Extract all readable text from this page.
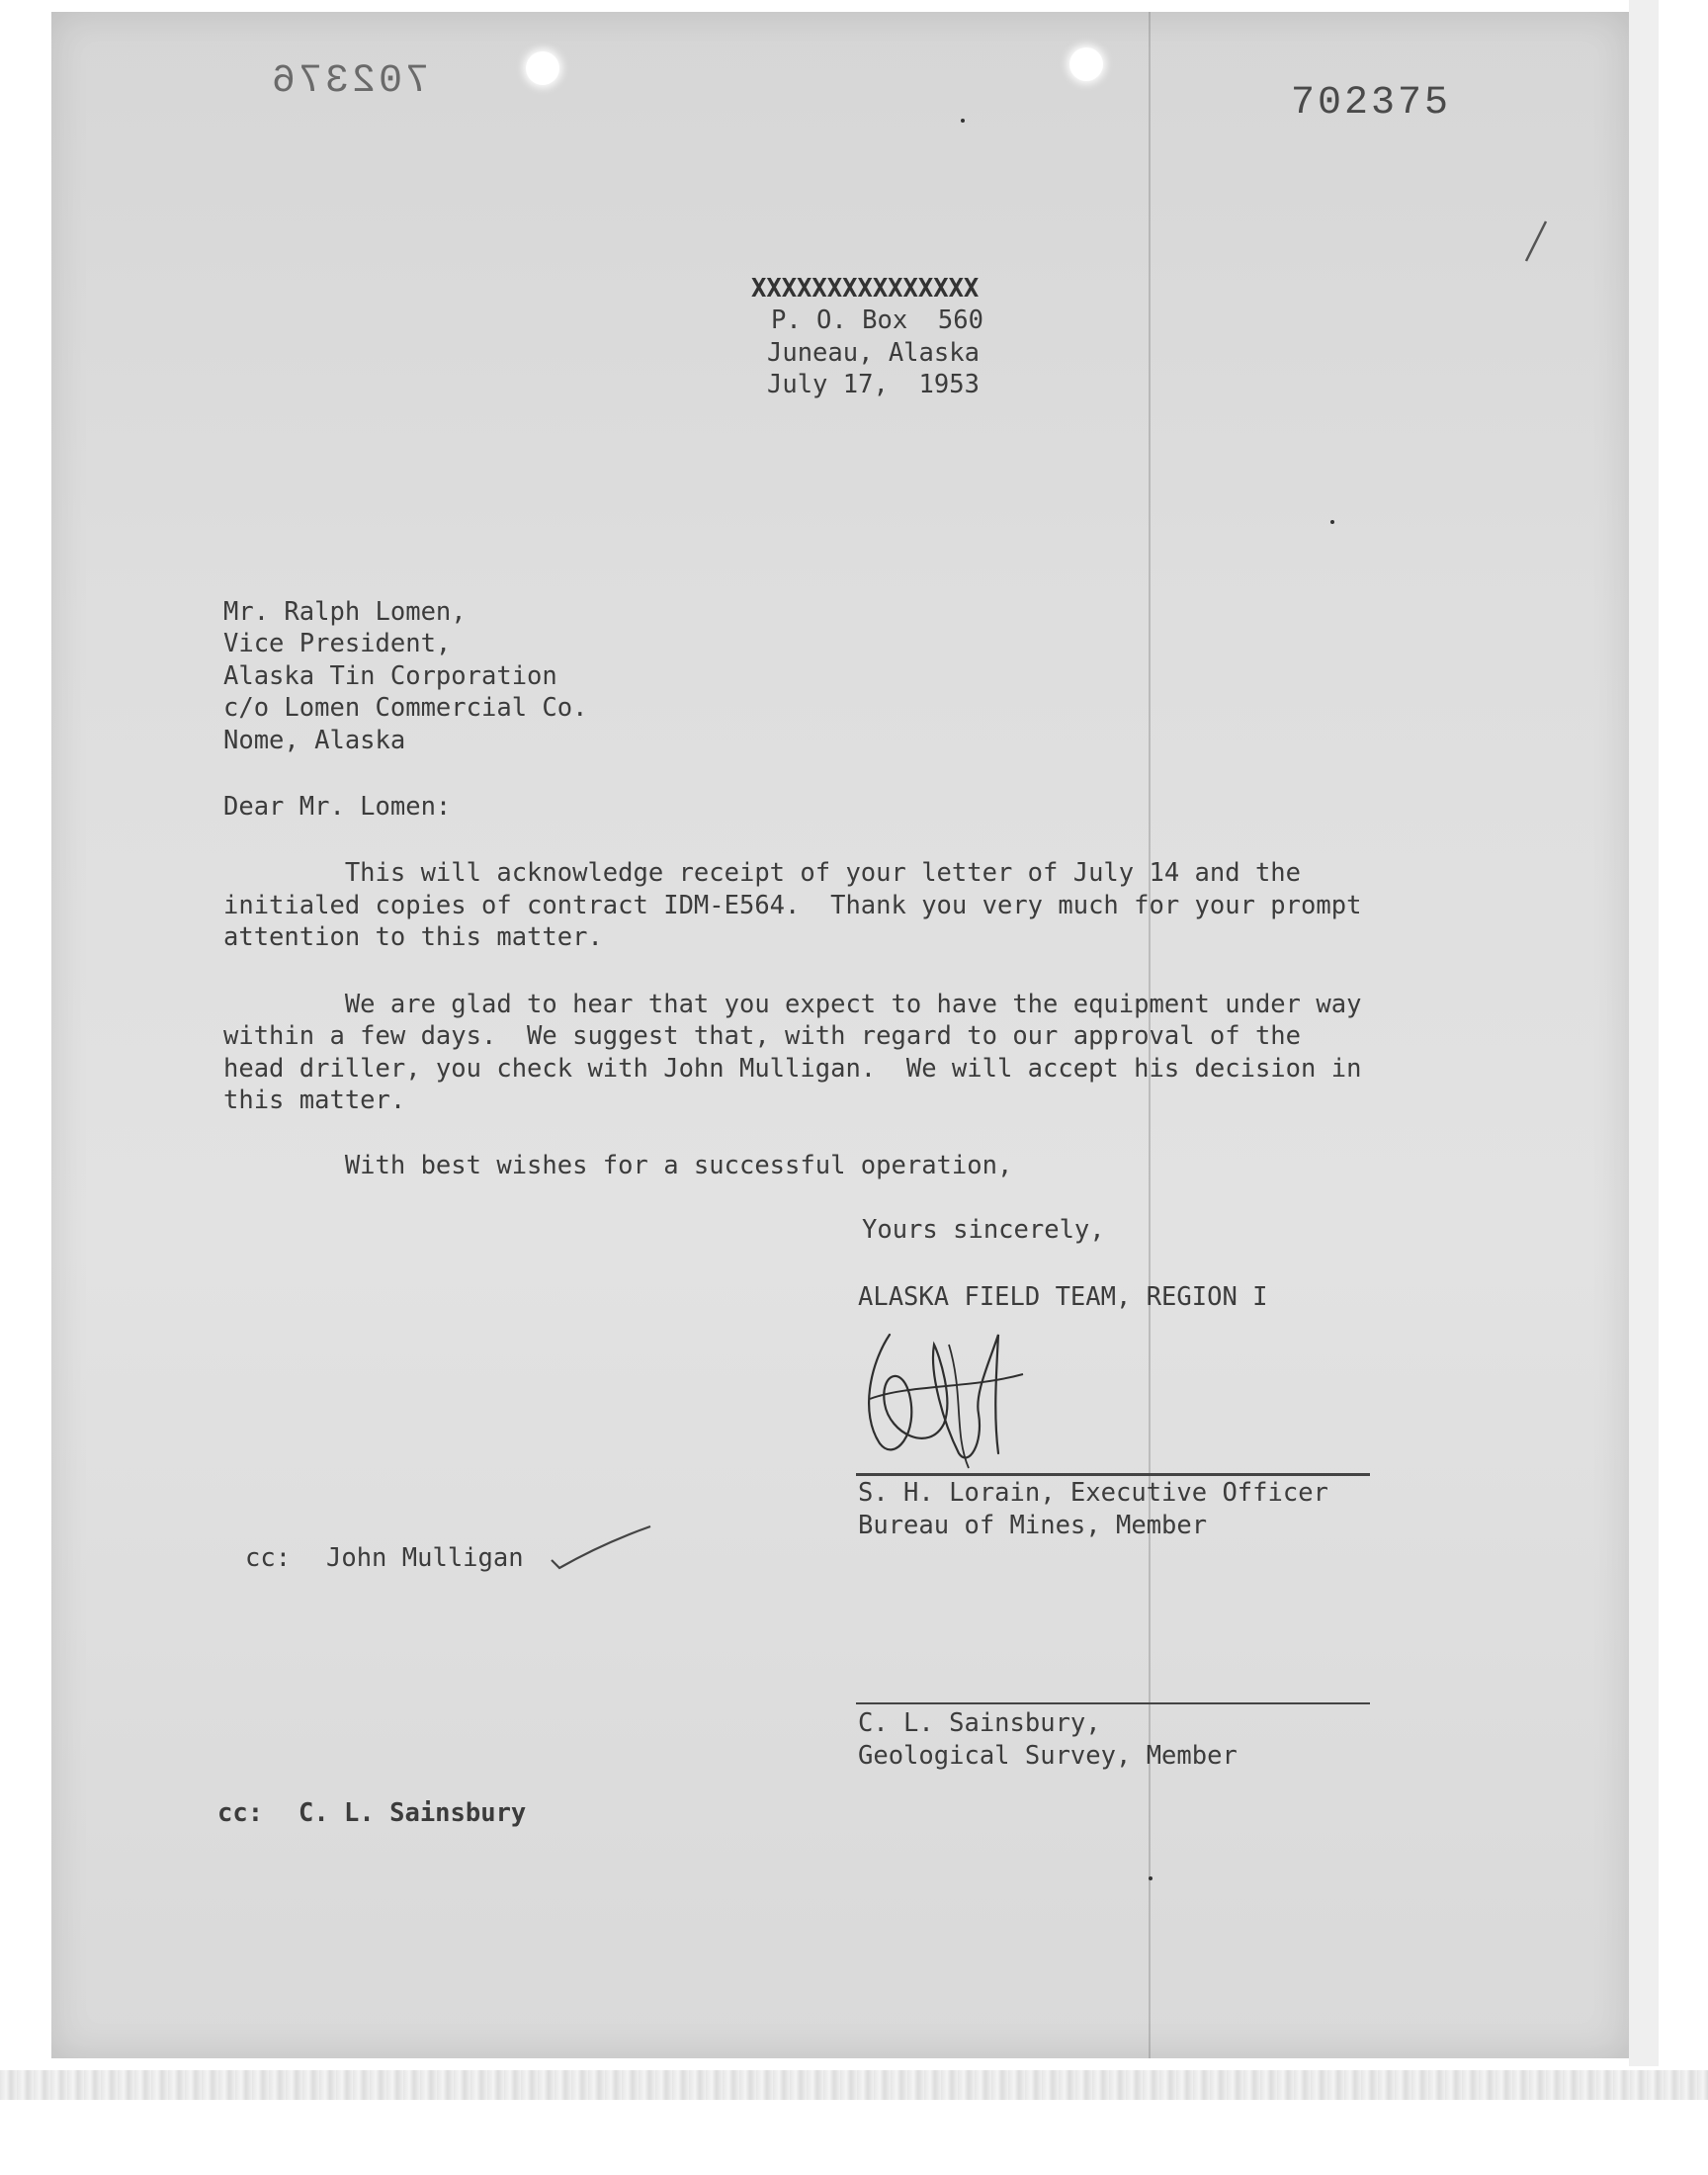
702376	702375
XXXXXXXXXXXXXXX
P. O. Box  560
Juneau, Alaska
July 17,  1953
Mr. Ralph Lomen,
Vice President,
Alaska Tin Corporation
c/o Lomen Commercial Co.
Nome, Alaska
Dear Mr. Lomen:
This will acknowledge receipt of your letter of July 14 and the
initialed copies of contract IDM-E564.  Thank you very much for your prompt
attention to this matter.
We are glad to hear that you expect to have the equipment under way
within a few days.  We suggest that, with regard to our approval of the
head driller, you check with John Mulligan.  We will accept his decision in
this matter.
With best wishes for a successful operation,
Yours sincerely,
ALASKA FIELD TEAM, REGION I
S. H. Lorain, Executive Officer
Bureau of Mines, Member
cc: John Mulligan
C. L. Sainsbury,
Geological Survey, Member
cc: C. L. Sainsbury
